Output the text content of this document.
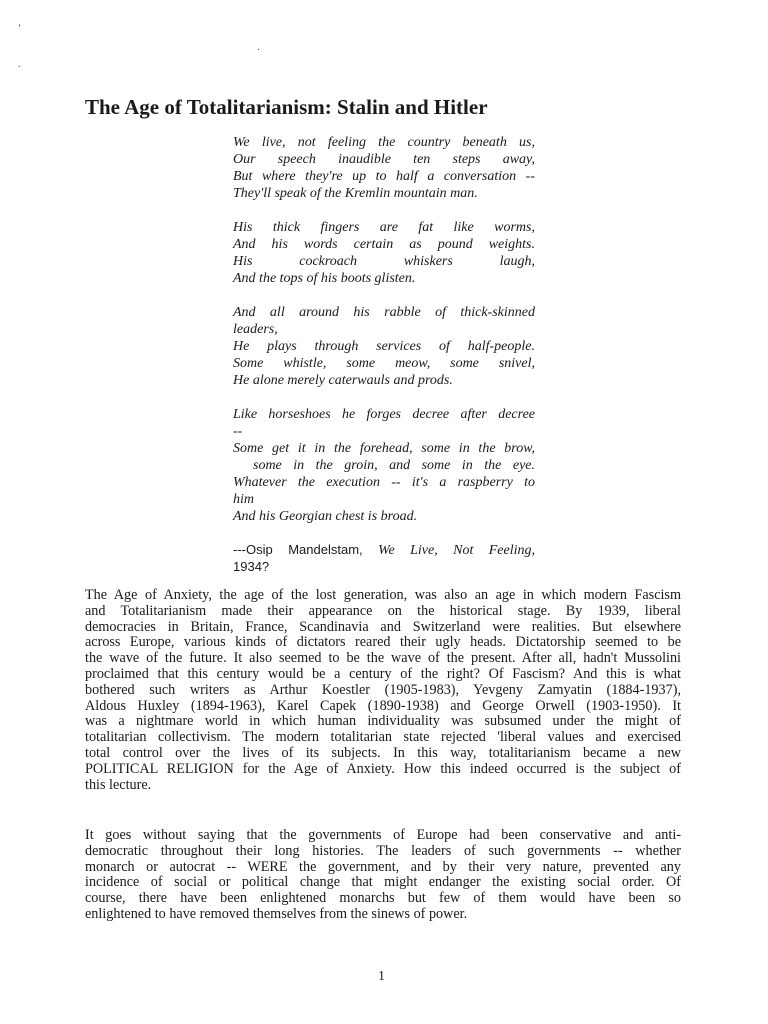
‘
·
.
The Age of Totalitarianism: Stalin and Hitler
We live, not feeling the country beneath us,
Our speech inaudible ten steps away,
But where they're up to half a conversation --
They'll speak of the Kremlin mountain man.
His thick fingers are fat like worms,
And his words certain as pound weights.
His cockroach whiskers laugh,
And the tops of his boots glisten.
And all around his rabble of thick-skinned
leaders,
He plays through services of half-people.
Some whistle, some meow, some snivel,
He alone merely caterwauls and prods.
Like horseshoes he forges decree after decree
--
Some get it in the forehead, some in the brow,
some in the groin, and some in the eye.
Whatever the execution -- it's a raspberry to
him
And his Georgian chest is broad.
---Osip Mandelstam, We Live, Not Feeling,
1934?
The Age of Anxiety, the age of the lost generation, was also an age in which modern Fascism
and Totalitarianism made their appearance on the historical stage. By 1939, liberal
democracies in Britain, France, Scandinavia and Switzerland were realities. But elsewhere
across Europe, various kinds of dictators reared their ugly heads. Dictatorship seemed to be
the wave of the future. It also seemed to be the wave of the present. After all, hadn't Mussolini
proclaimed that this century would be a century of the right? Of Fascism? And this is what
bothered such writers as Arthur Koestler (1905-1983), Yevgeny Zamyatin (1884-1937),
Aldous Huxley (1894-1963), Karel Capek (1890-1938) and George Orwell (1903-1950). It
was a nightmare world in which human individuality was subsumed under the might of
totalitarian collectivism. The modern totalitarian state rejected 'liberal values and exercised
total control over the lives of its subjects. In this way, totalitarianism became a new
POLITICAL RELIGION for the Age of Anxiety. How this indeed occurred is the subject of
this lecture.
It goes without saying that the governments of Europe had been conservative and anti-
democratic throughout their long histories. The leaders of such governments -- whether
monarch or autocrat -- WERE the government, and by their very nature, prevented any
incidence of social or political change that might endanger the existing social order. Of
course, there have been enlightened monarchs but few of them would have been so
enlightened to have removed themselves from the sinews of power.
1
